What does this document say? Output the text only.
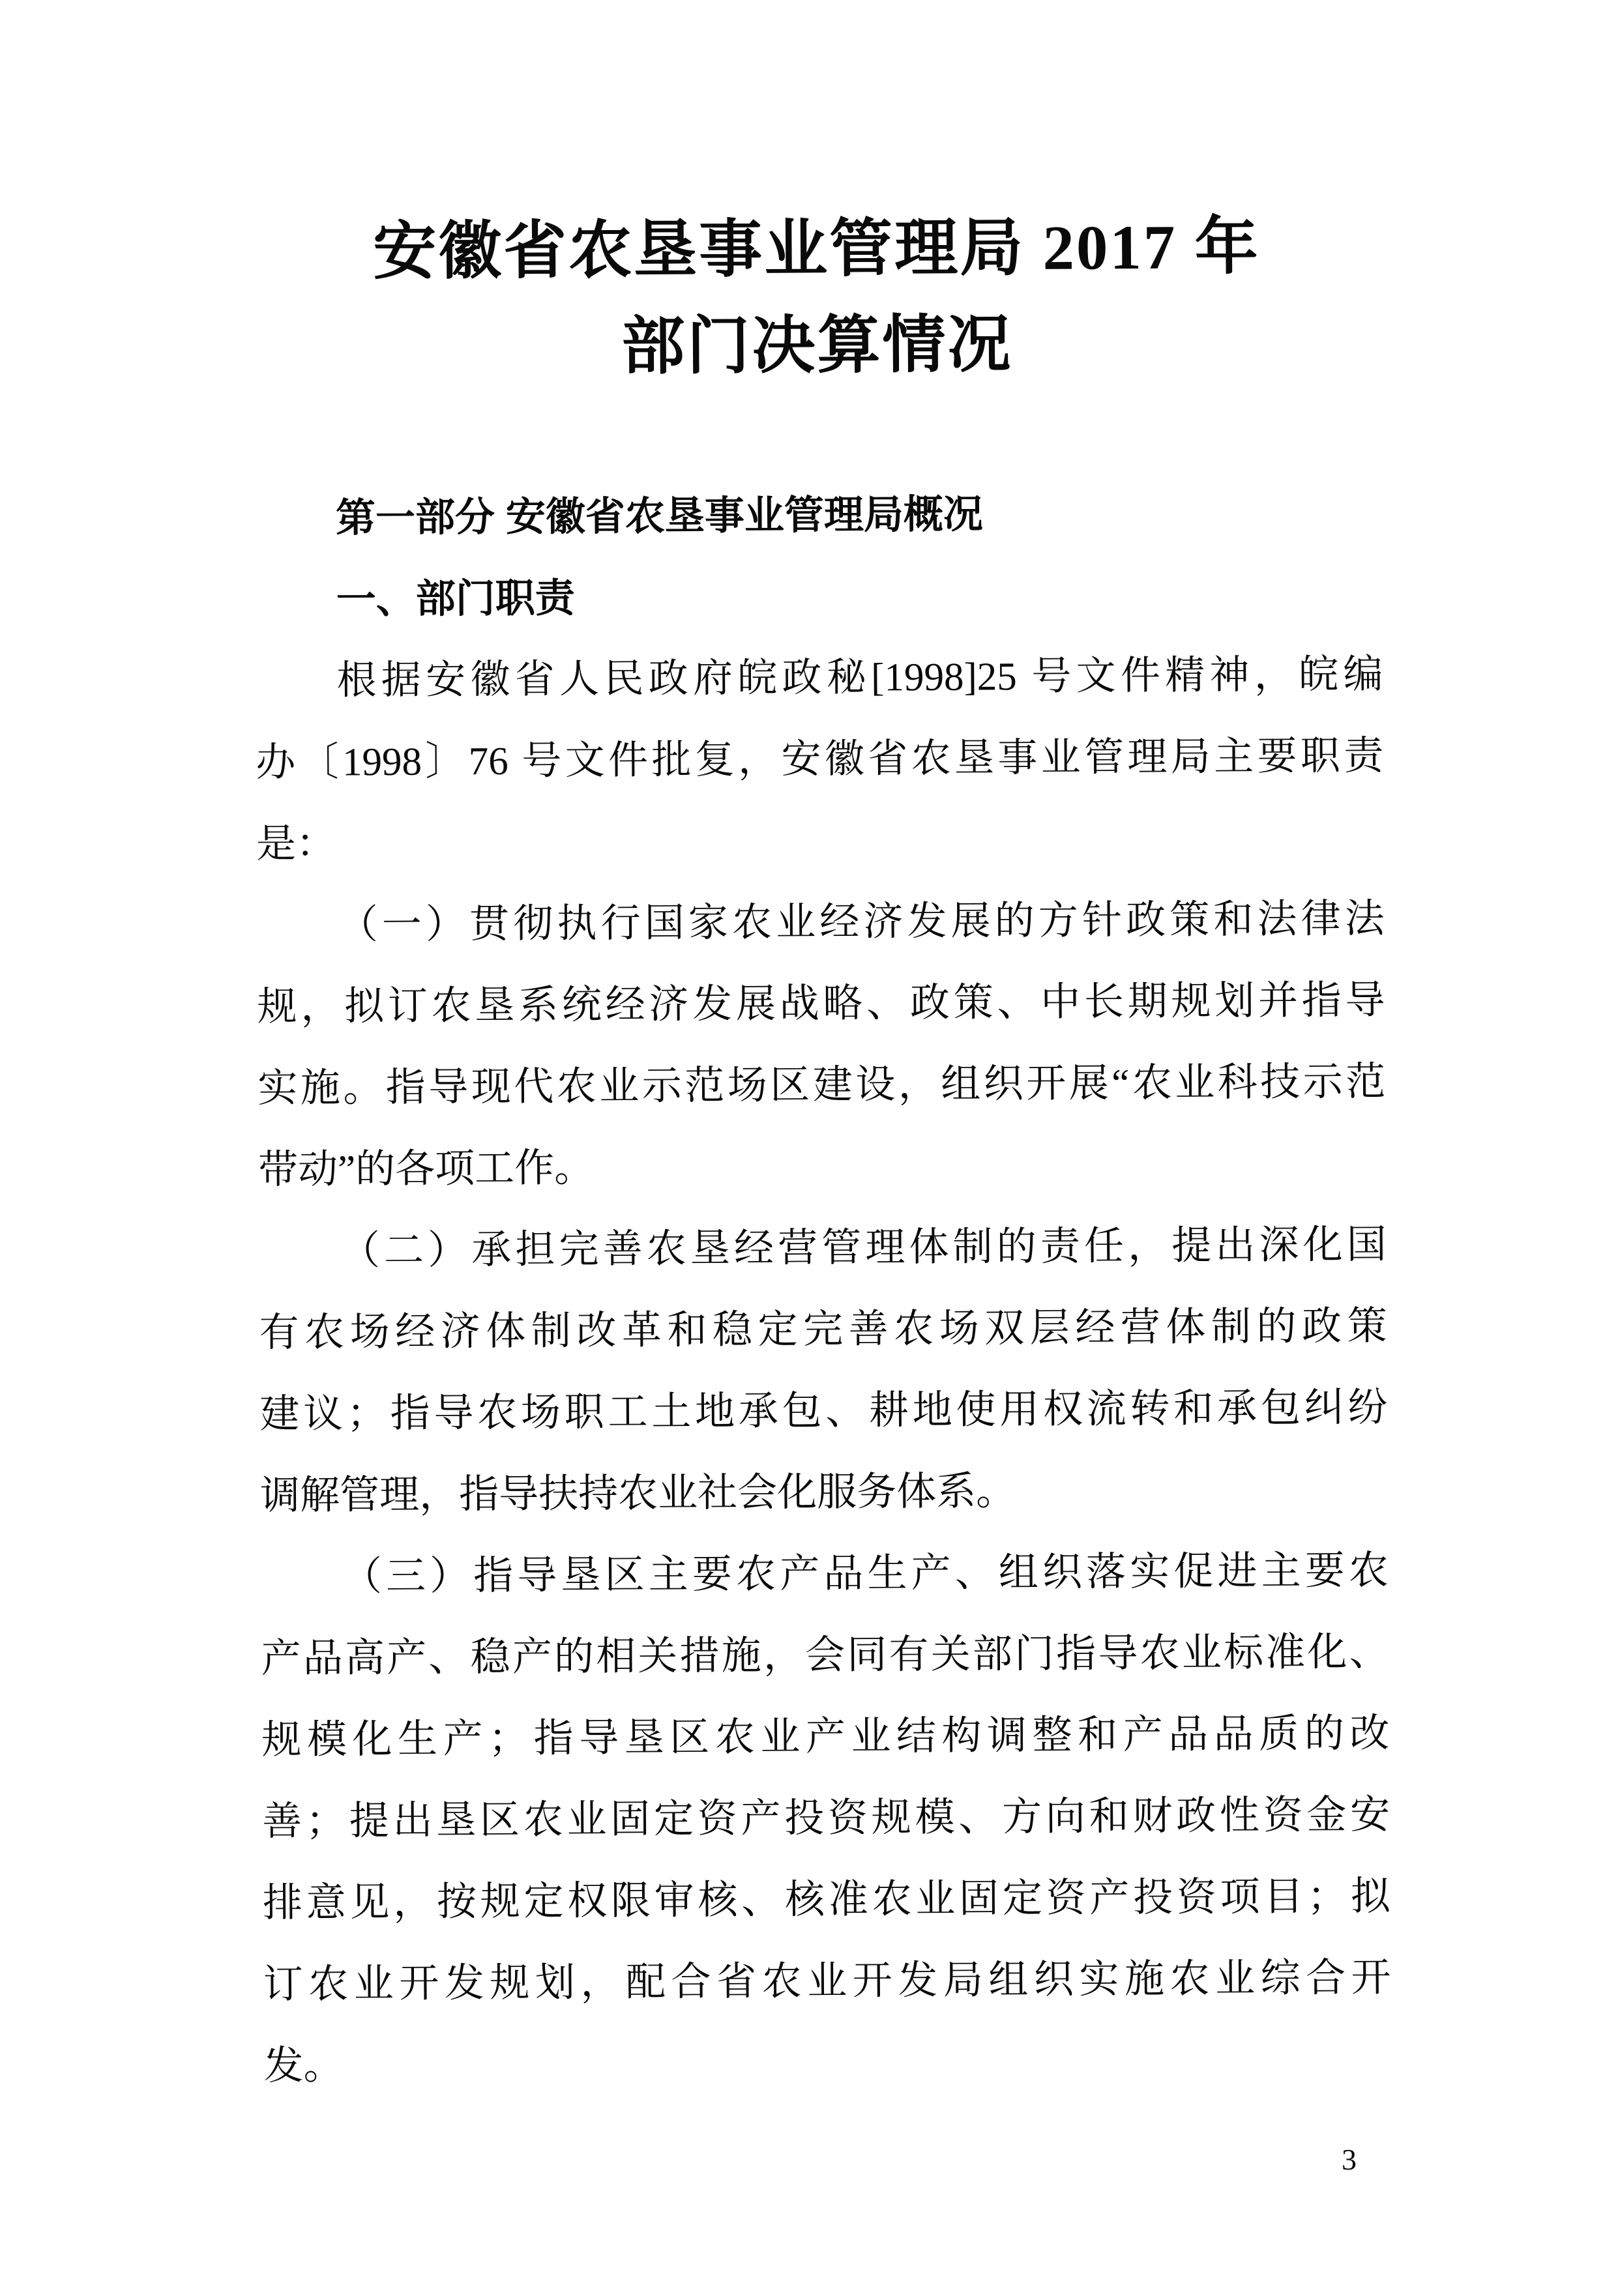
安徽省农垦事业管理局 2017 年
部门决算情况
第一部分 安徽省农垦事业管理局概况
一、部门职责
根据安徽省人民政府皖政秘[1998]25 号文件精神，皖编
办〔1998〕76 号文件批复，安徽省农垦事业管理局主要职责
是：
（一）贯彻执行国家农业经济发展的方针政策和法律法
规，拟订农垦系统经济发展战略、政策、中长期规划并指导
实施。指导现代农业示范场区建设，组织开展“农业科技示范
带动”的各项工作。
（二）承担完善农垦经营管理体制的责任，提出深化国
有农场经济体制改革和稳定完善农场双层经营体制的政策
建议；指导农场职工土地承包、耕地使用权流转和承包纠纷
调解管理，指导扶持农业社会化服务体系。
（三）指导垦区主要农产品生产、组织落实促进主要农
产品高产、稳产的相关措施，会同有关部门指导农业标准化、
规模化生产；指导垦区农业产业结构调整和产品品质的改
善；提出垦区农业固定资产投资规模、方向和财政性资金安
排意见，按规定权限审核、核准农业固定资产投资项目；拟
订农业开发规划，配合省农业开发局组织实施农业综合开
发。
3
